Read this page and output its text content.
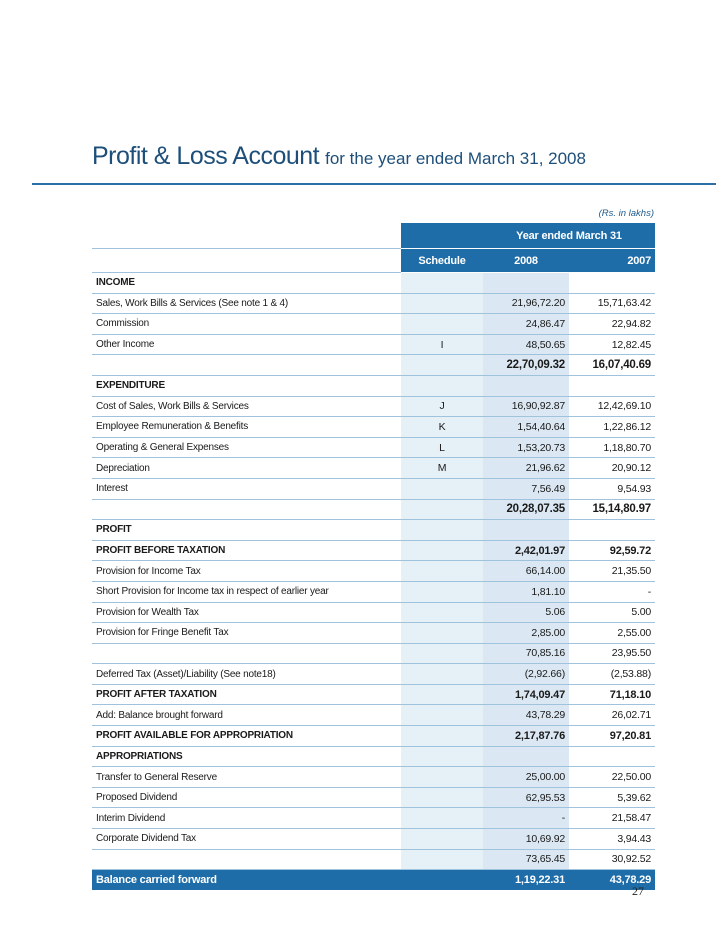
Profit & Loss Account for the year ended March 31, 2008
(Rs. in lakhs)
		Year ended March 31	
	Schedule	2008	2007
INCOME			
Sales, Work Bills & Services (See note 1 & 4)		21,96,72.20	15,71,63.42
Commission		24,86.47	22,94.82
Other Income	I	48,50.65	12,82.45
		22,70,09.32	16,07,40.69
EXPENDITURE			
Cost of Sales, Work Bills & Services	J	16,90,92.87	12,42,69.10
Employee Remuneration & Benefits	K	1,54,40.64	1,22,86.12
Operating & General Expenses	L	1,53,20.73	1,18,80.70
Depreciation	M	21,96.62	20,90.12
Interest		7,56.49	9,54.93
		20,28,07.35	15,14,80.97
PROFIT			
PROFIT BEFORE TAXATION		2,42,01.97	92,59.72
Provision for Income Tax		66,14.00	21,35.50
Short Provision for Income tax in respect of earlier year		1,81.10	-
Provision for Wealth Tax		5.06	5.00
Provision for Fringe Benefit Tax		2,85.00	2,55.00
		70,85.16	23,95.50
Deferred Tax (Asset)/Liability (See note18)		(2,92.66)	(2,53.88)
PROFIT AFTER TAXATION		1,74,09.47	71,18.10
Add: Balance brought forward		43,78.29	26,02.71
PROFIT AVAILABLE FOR APPROPRIATION		2,17,87.76	97,20.81
APPROPRIATIONS			
Transfer to General Reserve		25,00.00	22,50.00
Proposed Dividend		62,95.53	5,39.62
Interim Dividend		-	21,58.47
Corporate Dividend Tax		10,69.92	3,94.43
		73,65.45	30,92.52
Balance carried forward		1,19,22.31	43,78.29
27
